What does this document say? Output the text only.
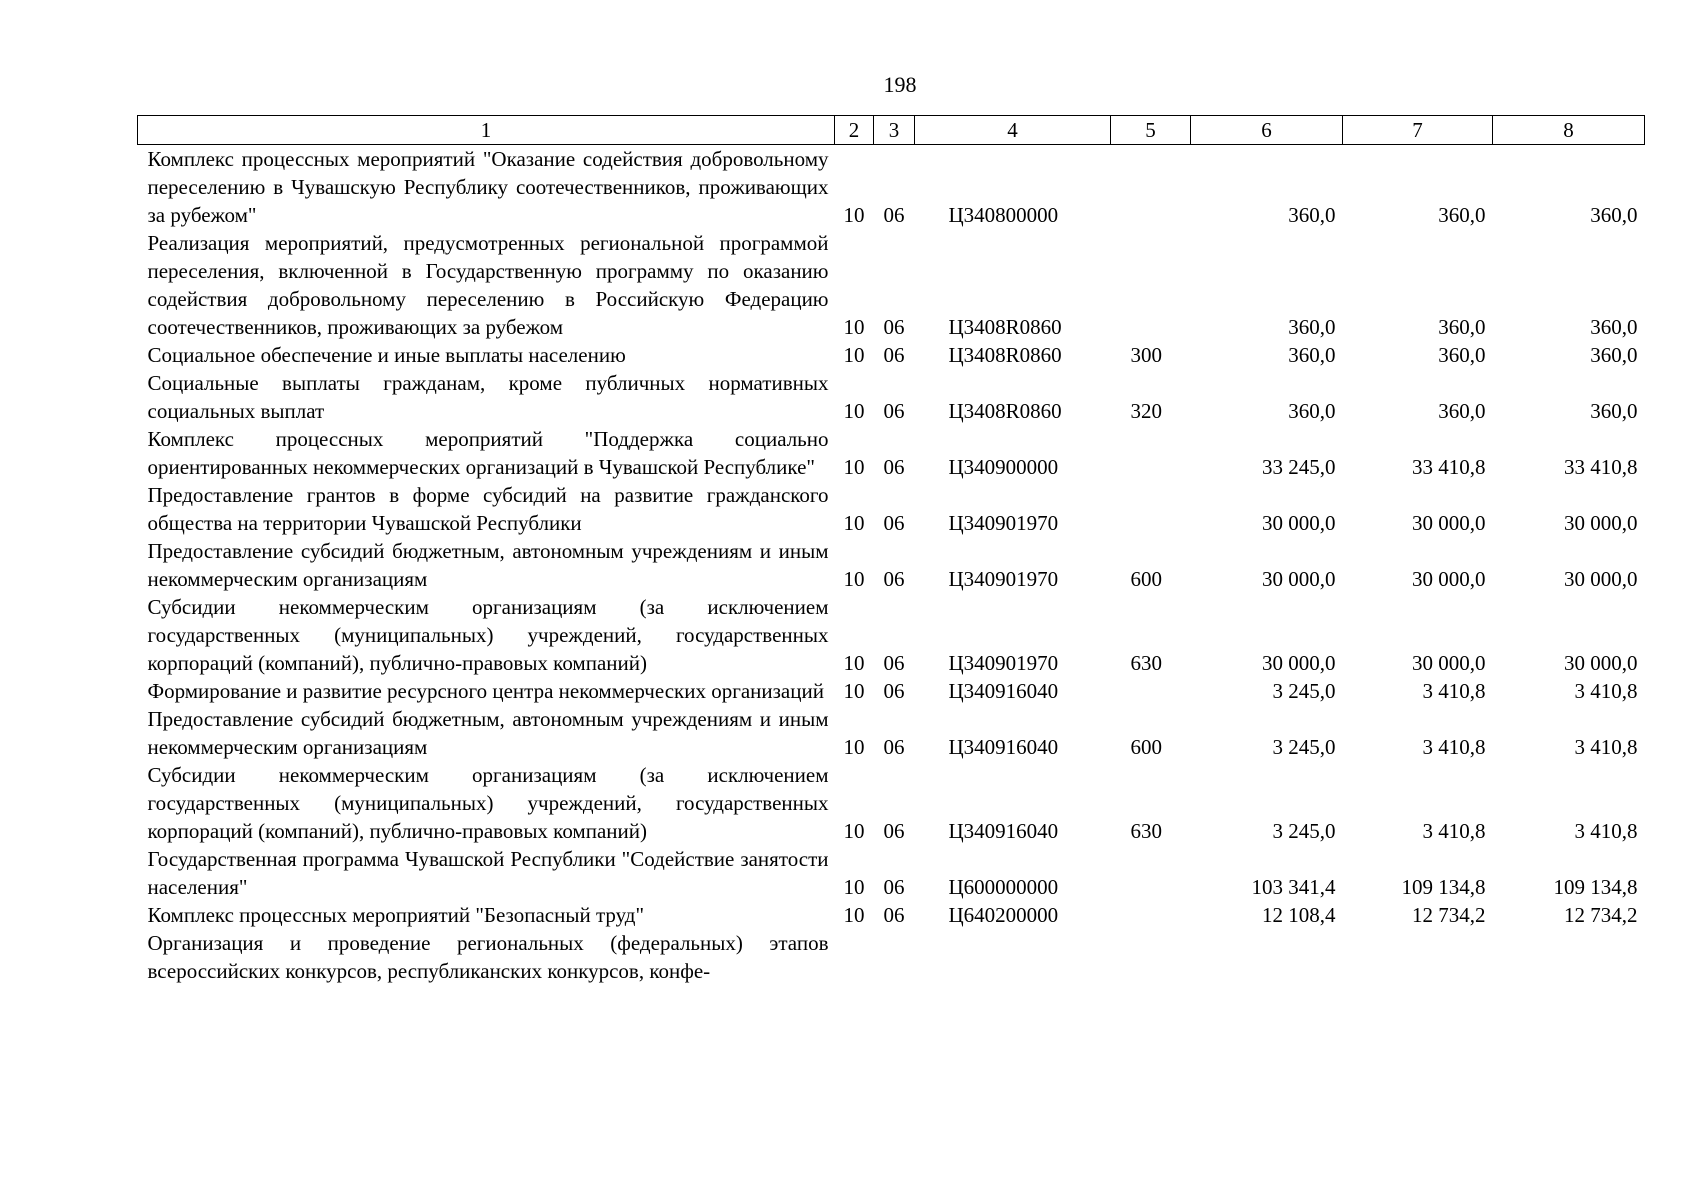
198
1	2	3	4	5	6	7	8
Комплекс процессных мероприятий "Оказание содействия добровольному переселению в Чувашскую Республику соотечественников, проживающих за рубежом"	10	06	Ц340800000		360,0	360,0	360,0
Реализация мероприятий, предусмотренных региональной программой переселения, включенной в Государственную программу по оказанию содействия добровольному переселению в Российскую Федерацию соотечественников, проживающих за рубежом	10	06	Ц3408R0860		360,0	360,0	360,0
Социальное обеспечение и иные выплаты населению	10	06	Ц3408R0860	300	360,0	360,0	360,0
Социальные выплаты гражданам, кроме публичных нормативных социальных выплат	10	06	Ц3408R0860	320	360,0	360,0	360,0
Комплекс процессных мероприятий "Поддержка социально ориентированных некоммерческих организаций в Чувашской Республике"	10	06	Ц340900000		33 245,0	33 410,8	33 410,8
Предоставление грантов в форме субсидий на развитие гражданского общества на территории Чувашской Республики	10	06	Ц340901970		30 000,0	30 000,0	30 000,0
Предоставление субсидий бюджетным, автономным учреждениям и иным некоммерческим организациям	10	06	Ц340901970	600	30 000,0	30 000,0	30 000,0
Субсидии некоммерческим организациям (за исключением государственных (муниципальных) учреждений, государственных корпораций (компаний), публично-правовых компаний)	10	06	Ц340901970	630	30 000,0	30 000,0	30 000,0
Формирование и развитие ресурсного центра некоммерческих организаций	10	06	Ц340916040		3 245,0	3 410,8	3 410,8
Предоставление субсидий бюджетным, автономным учреждениям и иным некоммерческим организациям	10	06	Ц340916040	600	3 245,0	3 410,8	3 410,8
Субсидии некоммерческим организациям (за исключением государственных (муниципальных) учреждений, государственных корпораций (компаний), публично-правовых компаний)	10	06	Ц340916040	630	3 245,0	3 410,8	3 410,8
Государственная программа Чувашской Республики "Содействие занятости населения"	10	06	Ц600000000		103 341,4	109 134,8	109 134,8
Комплекс процессных мероприятий "Безопасный труд"	10	06	Ц640200000		12 108,4	12 734,2	12 734,2
Организация и проведение региональных (федеральных) этапов всероссийских конкурсов, республиканских конкурсов, конфе-							
